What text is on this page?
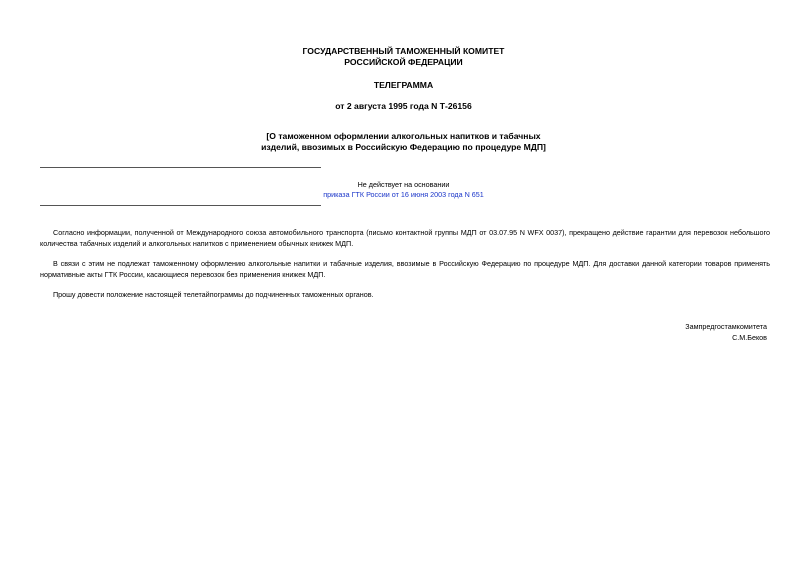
ГОСУДАРСТВЕННЫЙ ТАМОЖЕННЫЙ КОМИТЕТ
РОССИЙСКОЙ ФЕДЕРАЦИИ
ТЕЛЕГРАММА
от 2 августа 1995 года N Т-26156
[О таможенном оформлении алкогольных напитков и табачных
изделий, ввозимых в Российскую Федерацию по процедуре МДП]
Не действует на основании
приказа ГТК России от 16 июня 2003 года N 651
Согласно информации, полученной от Международного союза автомобильного транспорта (письмо контактной группы МДП от 03.07.95 N WFX 0037), прекращено действие гарантии для перевозок небольшого количества табачных изделий и алкогольных напитков с применением обычных книжек МДП.
В связи с этим не подлежат таможенному оформлению алкогольные напитки и табачные изделия, ввозимые в Российскую Федерацию по процедуре МДП. Для доставки данной категории товаров применять нормативные акты ГТК России, касающиеся перевозок без применения книжек МДП.
Прошу довести положение настоящей телетайпограммы до подчиненных таможенных органов.
Зампредгостамкомитета
С.М.Беков
